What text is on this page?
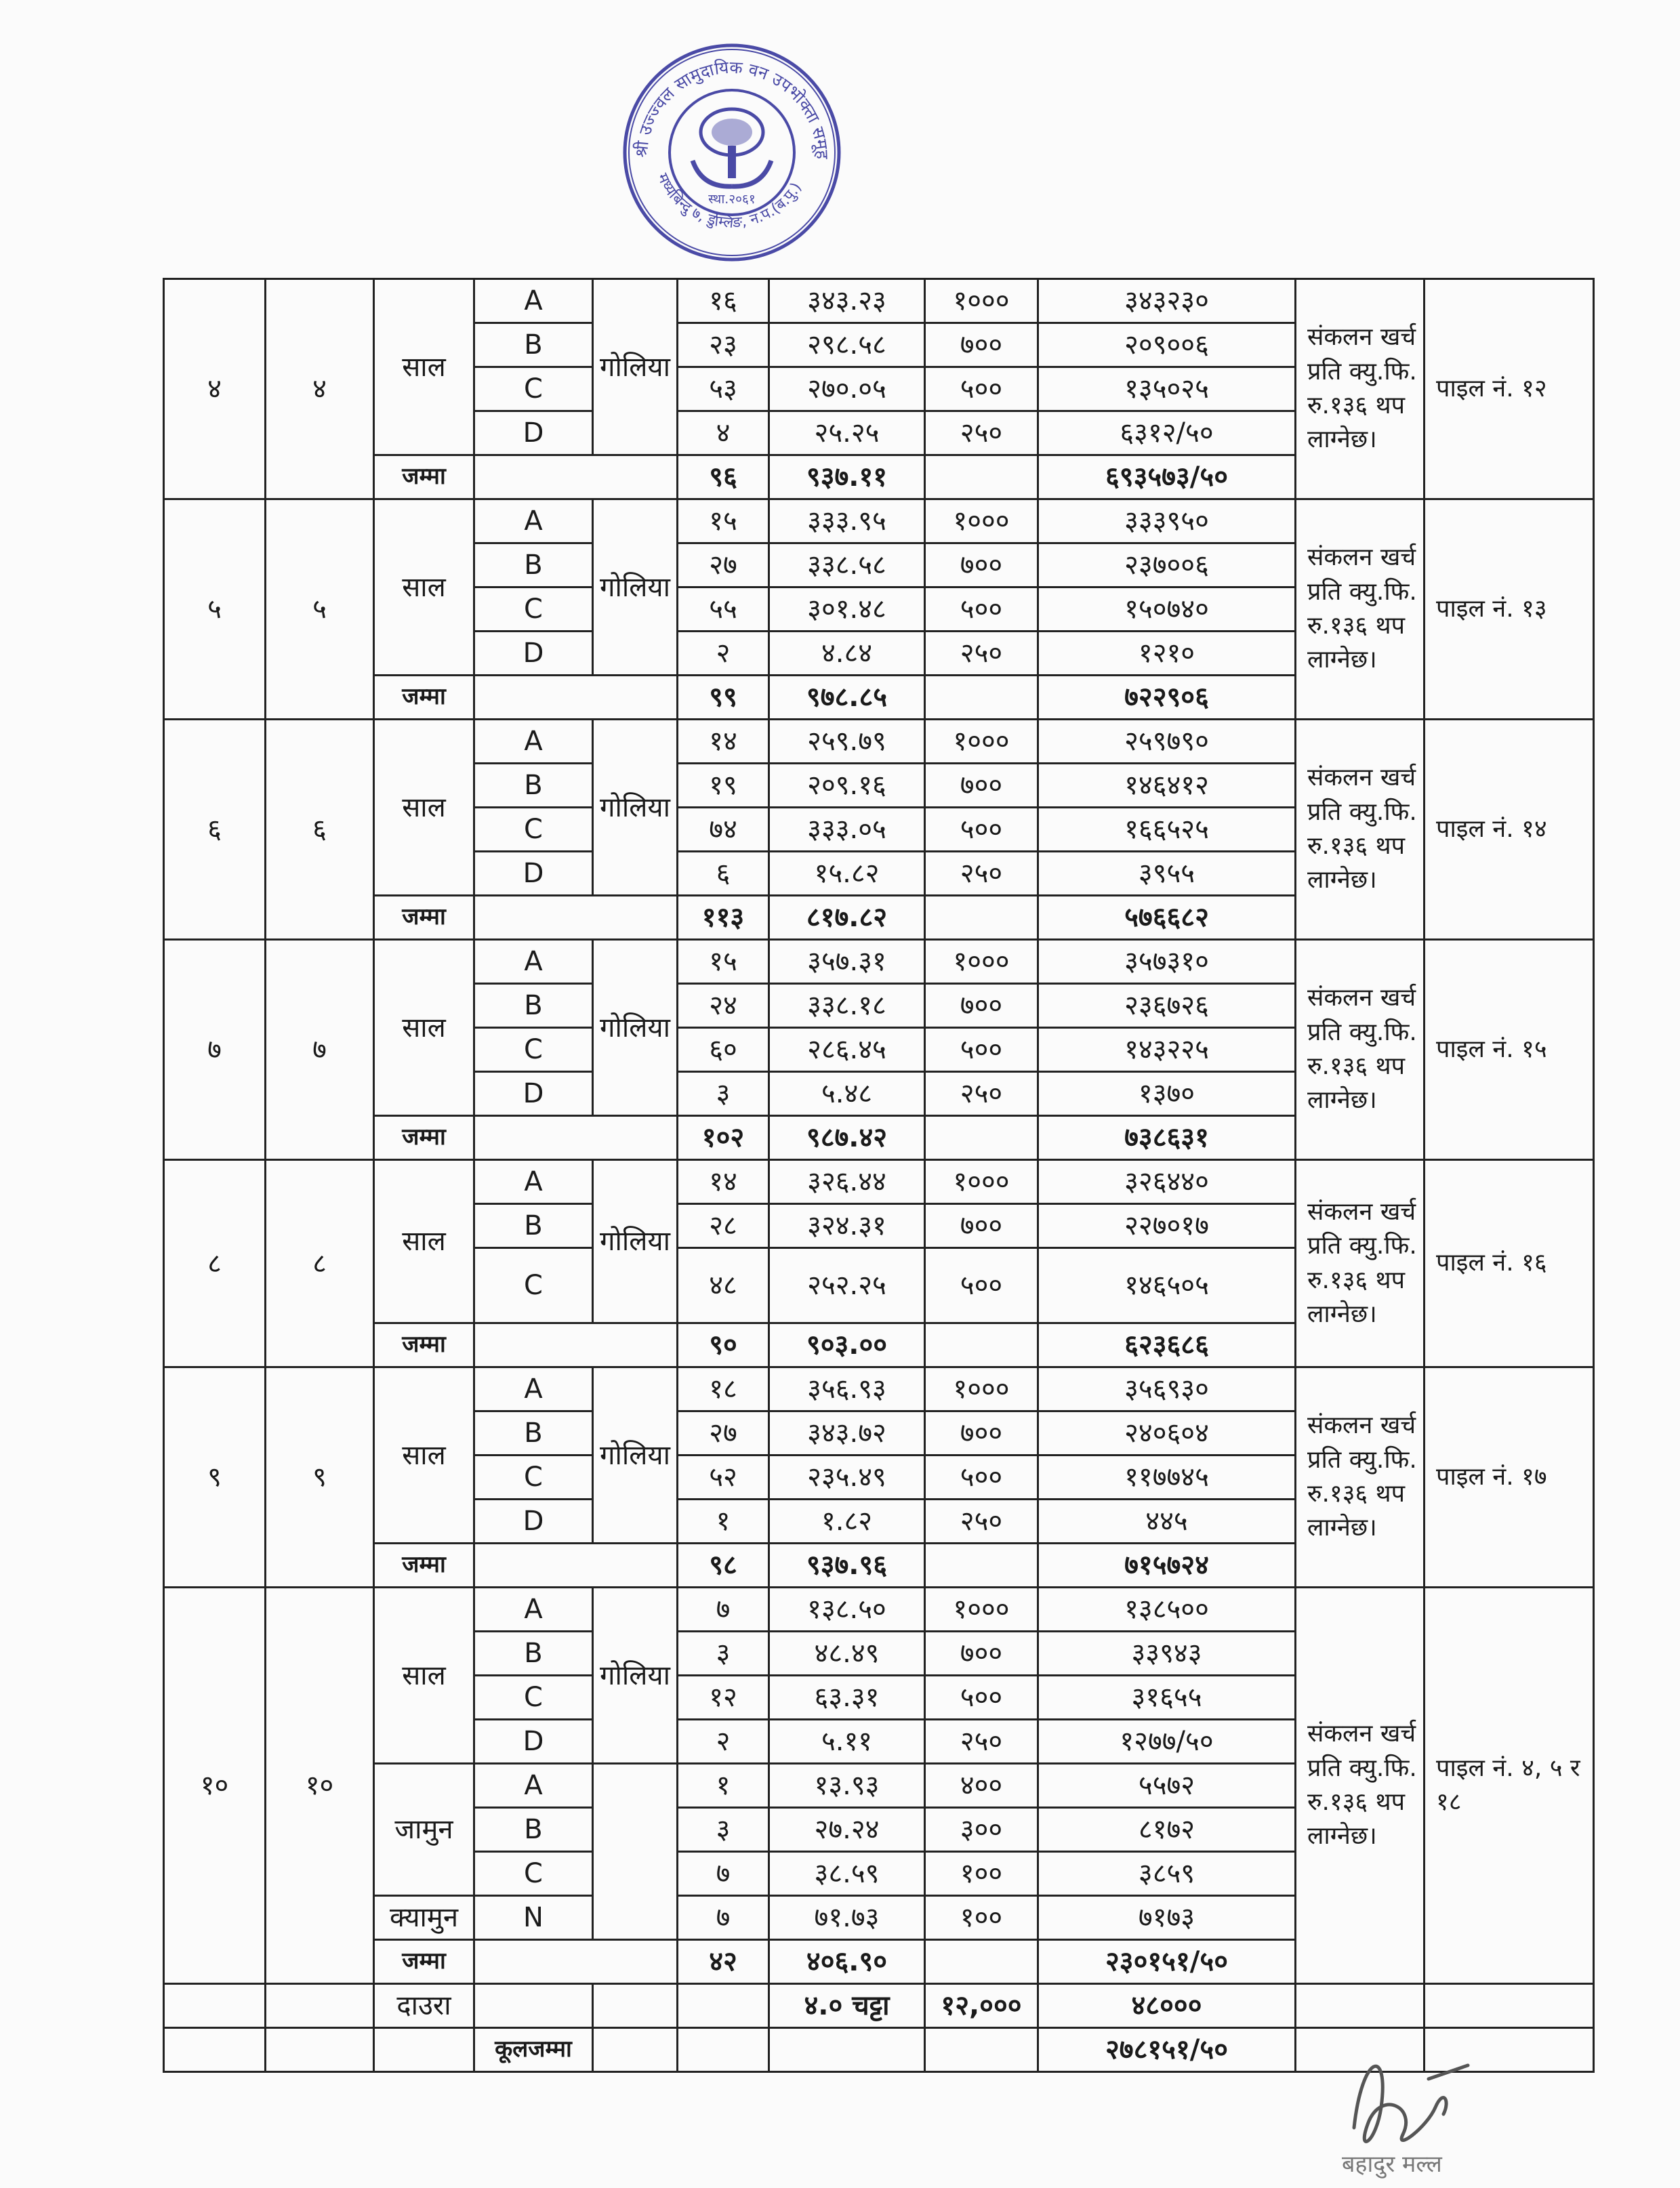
श्री उज्ज्वल सामुदायिक वन उपभोक्ता समूह
मध्यबिन्दु ७, डुम्लिङ, न.प.(ब.पु.)
स्था.२०६१
४	४	साल	A	गोलिया	१६	३४३.२३	१०००	३४३२३०	संकलन खर्च प्रति क्यु.फि. रु.१३६ थप लाग्नेछ।	पाइल नं. १२
			B		२३	२९८.५८	७००	२०९००६		
			C		५३	२७०.०५	५००	१३५०२५		
			D		४	२५.२५	२५०	६३१२/५०		
		जम्मा			९६	९३७.११		६९३५७३/५०		
५	५	साल	A	गोलिया	१५	३३३.९५	१०००	३३३९५०	संकलन खर्च प्रति क्यु.फि. रु.१३६ थप लाग्नेछ।	पाइल नं. १३
			B		२७	३३८.५८	७००	२३७००६		
			C		५५	३०१.४८	५००	१५०७४०		
			D		२	४.८४	२५०	१२१०		
		जम्मा			९९	९७८.८५		७२२९०६		
६	६	साल	A	गोलिया	१४	२५९.७९	१०००	२५९७९०	संकलन खर्च प्रति क्यु.फि. रु.१३६ थप लाग्नेछ।	पाइल नं. १४
			B		१९	२०९.१६	७००	१४६४१२		
			C		७४	३३३.०५	५००	१६६५२५		
			D		६	१५.८२	२५०	३९५५		
		जम्मा			११३	८१७.८२		५७६६८२		
७	७	साल	A	गोलिया	१५	३५७.३१	१०००	३५७३१०	संकलन खर्च प्रति क्यु.फि. रु.१३६ थप लाग्नेछ।	पाइल नं. १५
			B		२४	३३८.१८	७००	२३६७२६		
			C		६०	२८६.४५	५००	१४३२२५		
			D		३	५.४८	२५०	१३७०		
		जम्मा			१०२	९८७.४२		७३८६३१		
८	८	साल	A	गोलिया	१४	३२६.४४	१०००	३२६४४०	संकलन खर्च प्रति क्यु.फि. रु.१३६ थप लाग्नेछ।	पाइल नं. १६
			B		२८	३२४.३१	७००	२२७०१७		
			C		४८	२५२.२५	५००	१४६५०५		
		जम्मा			९०	९०३.००		६२३६८६		
९	९	साल	A	गोलिया	१८	३५६.९३	१०००	३५६९३०	संकलन खर्च प्रति क्यु.फि. रु.१३६ थप लाग्नेछ।	पाइल नं. १७
			B		२७	३४३.७२	७००	२४०६०४		
			C		५२	२३५.४९	५००	११७७४५		
			D		१	१.८२	२५०	४४५		
		जम्मा			९८	९३७.९६		७१५७२४		
१०	१०	साल	A	गोलिया	७	१३८.५०	१०००	१३८५००	संकलन खर्च प्रति क्यु.फि. रु.१३६ थप लाग्नेछ।	पाइल नं. ४, ५ र १८
			B		३	४८.४९	७००	३३९४३		
			C		१२	६३.३१	५००	३१६५५		
			D		२	५.११	२५०	१२७७/५०		
		जामुन	A		१	१३.९३	४००	५५७२		
			B		३	२७.२४	३००	८१७२		
			C		७	३८.५९	१००	३८५९		
		क्यामुन	N		७	७१.७३	१००	७१७३		
		जम्मा			४२	४०६.९०		२३०१५१/५०		
		दाउरा				४.० चट्टा	१२,०००	४८०००		
			कूलजम्मा					२७८१५१/५०		
बहादुर मल्ल
